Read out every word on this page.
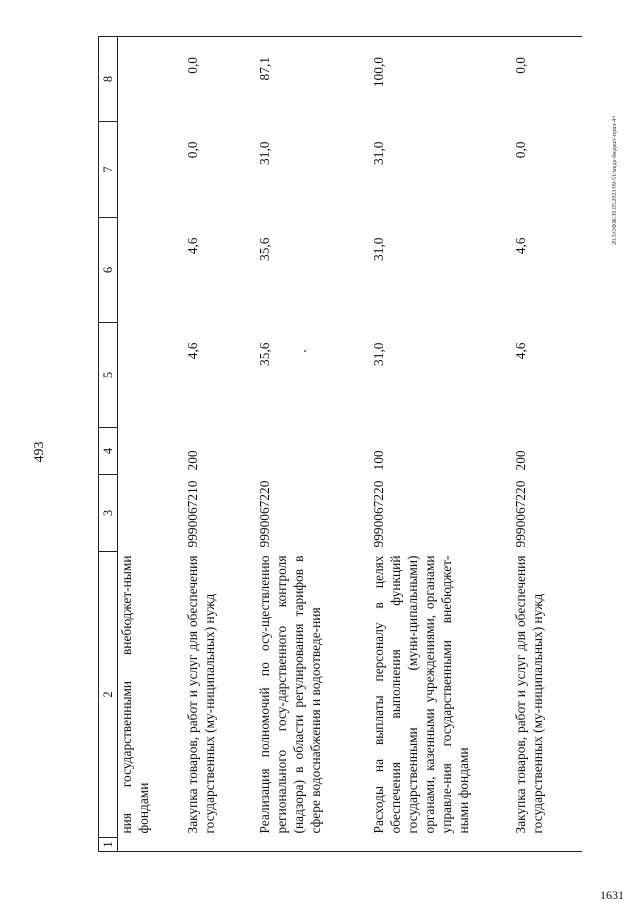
493
20.3.ОФЖ/30.05.2023/09-51/мкдк-бюджет-прил-4+
1631
1	2	3	4	5	6	7	8
	ния государственными внебюджет-ными фондами						
	Закупка товаров, работ и услуг для обеспечения государственных (му-ниципальных) нужд	9990067210	200	4,6	4,6	0,0	0,0
	Реализация полномочий по осу-ществлению регионального госу-дарственного контроля (надзора) в области регулирования тарифов в сфере водоснабжения и водоотведе-ния	9990067220		35,6	35,6	31,0	87,1
	Расходы на выплаты персоналу в целях обеспечения выполнения функций государственными (муни-ципальными) органами, казенными учреждениями, органами управле-ния государственными внебюджет-ными фондами	9990067220	100	31,0	31,0	31,0	100,0
	Закупка товаров, работ и услуг для обеспечения государственных (му-ниципальных) нужд	9990067220	200	4,6	4,6	0,0	0,0
